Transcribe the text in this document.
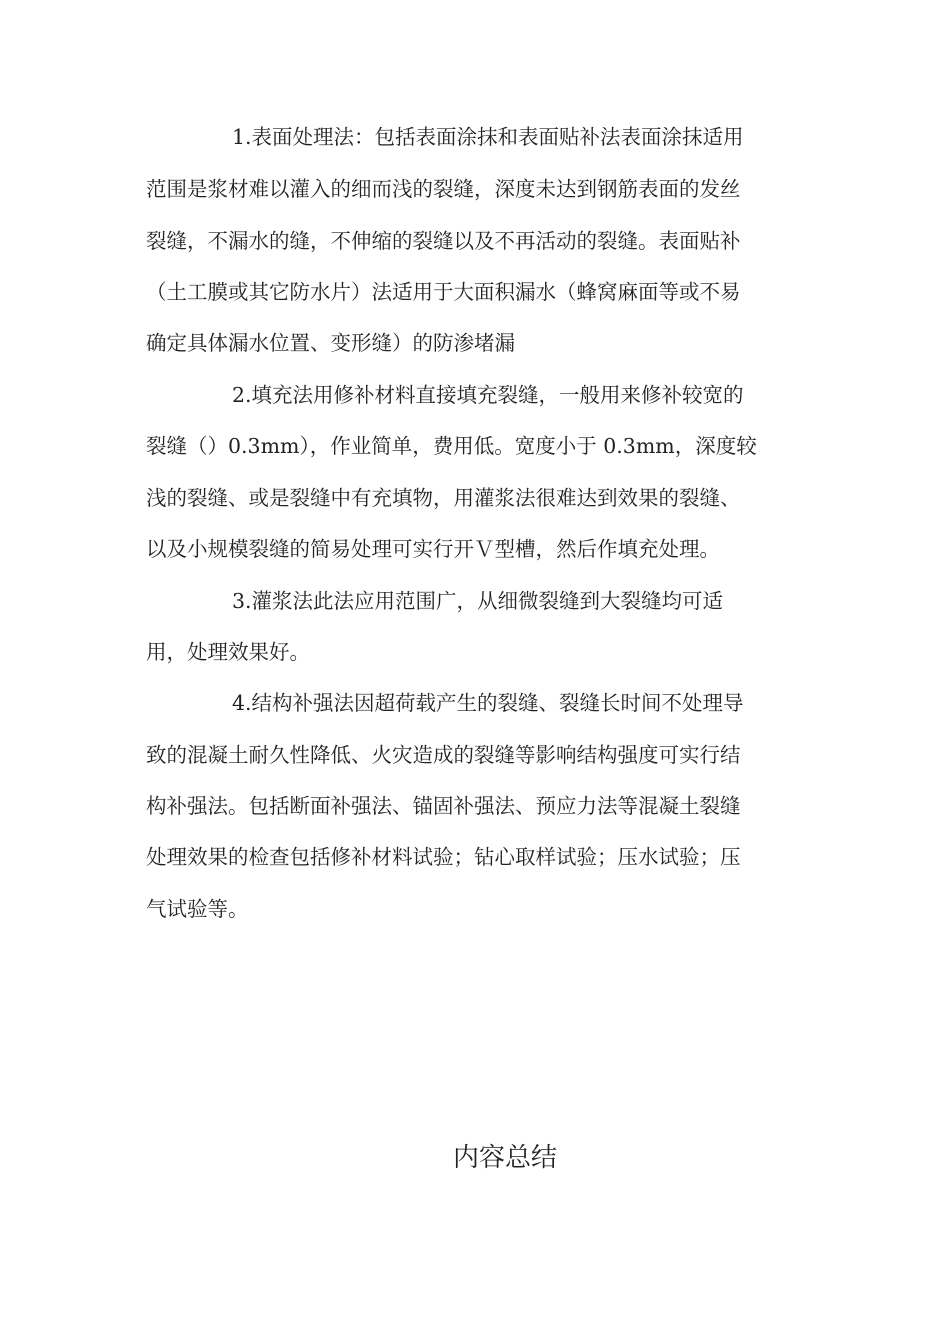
1.表面处理法：包括表面涂抹和表面贴补法表面涂抹适用
范围是浆材难以灌入的细而浅的裂缝，深度未达到钢筋表面的发丝
裂缝，不漏水的缝，不伸缩的裂缝以及不再活动的裂缝。表面贴补
（土工膜或其它防水片）法适用于大面积漏水（蜂窝麻面等或不易
确定具体漏水位置、变形缝）的防渗堵漏
2.填充法用修补材料直接填充裂缝，一般用来修补较宽的
裂缝（）0.3mm），作业简单，费用低。宽度小于 0.3mm，深度较
浅的裂缝、或是裂缝中有充填物，用灌浆法很难达到效果的裂缝、
以及小规模裂缝的简易处理可实行开Ｖ型槽，然后作填充处理。
3.灌浆法此法应用范围广，从细微裂缝到大裂缝均可适
用，处理效果好。
4.结构补强法因超荷载产生的裂缝、裂缝长时间不处理导
致的混凝土耐久性降低、火灾造成的裂缝等影响结构强度可实行结
构补强法。包括断面补强法、锚固补强法、预应力法等混凝土裂缝
处理效果的检查包括修补材料试验；钻心取样试验；压水试验；压
气试验等。
内容总结
